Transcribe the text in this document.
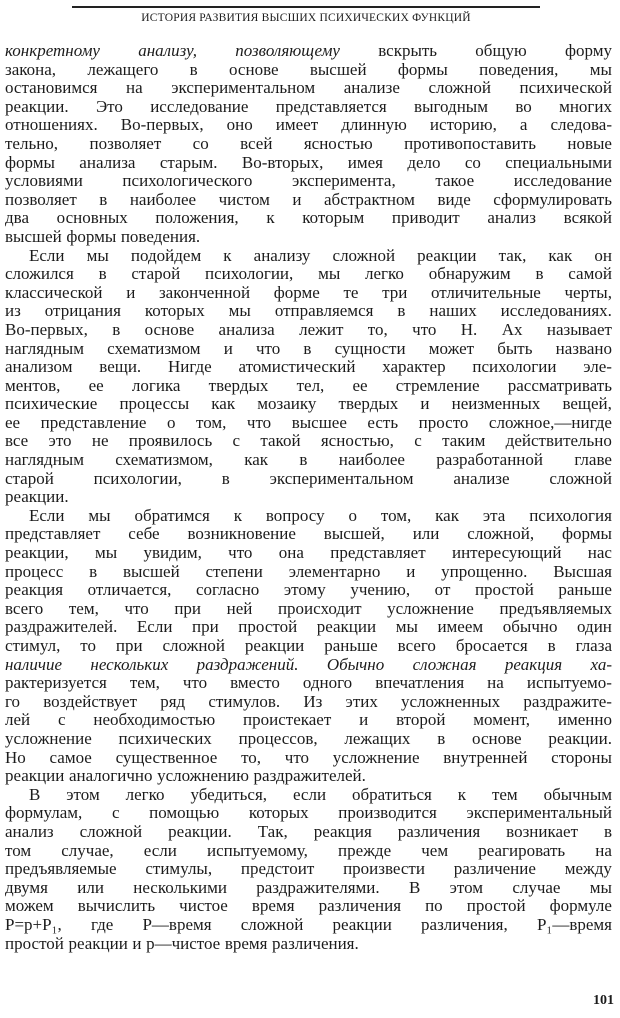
ИСТОРИЯ РАЗВИТИЯ ВЫСШИХ ПСИХИЧЕСКИХ ФУНКЦИЙ
конкретному анализу, позволяющему вскрыть общую форму
закона, лежащего в основе высшей формы поведения, мы
остановимся на экспериментальном анализе сложной психической
реакции. Это исследование представляется выгодным во многих
отношениях. Во-первых, оно имеет длинную историю, а следова-
тельно, позволяет со всей ясностью противопоставить новые
формы анализа старым. Во-вторых, имея дело со специальными
условиями психологического эксперимента, такое исследование
позволяет в наиболее чистом и абстрактном виде сформулировать
два основных положения, к которым приводит анализ всякой
высшей формы поведения.
Если мы подойдем к анализу сложной реакции так, как он
сложился в старой психологии, мы легко обнаружим в самой
классической и законченной форме те три отличительные черты,
из отрицания которых мы отправляемся в наших исследованиях.
Во-первых, в основе анализа лежит то, что Н. Ах называет
наглядным схематизмом и что в сущности может быть названо
анализом вещи. Нигде атомистический характер психологии эле-
ментов, ее логика твердых тел, ее стремление рассматривать
психические процессы как мозаику твердых и неизменных вещей,
ее представление о том, что высшее есть просто сложное,—нигде
все это не проявилось с такой ясностью, с таким действительно
наглядным схематизмом, как в наиболее разработанной главе
старой психологии, в экспериментальном анализе сложной
реакции.
Если мы обратимся к вопросу о том, как эта психология
представляет себе возникновение высшей, или сложной, формы
реакции, мы увидим, что она представляет интересующий нас
процесс в высшей степени элементарно и упрощенно. Высшая
реакция отличается, согласно этому учению, от простой раньше
всего тем, что при ней происходит усложнение предъявляемых
раздражителей. Если при простой реакции мы имеем обычно один
стимул, то при сложной реакции раньше всего бросается в глаза
наличие нескольких раздражений. Обычно сложная реакция ха-
рактеризуется тем, что вместо одного впечатления на испытуемо-
го воздействует ряд стимулов. Из этих усложненных раздражите-
лей с необходимостью проистекает и второй момент, именно
усложнение психических процессов, лежащих в основе реакции.
Но самое существенное то, что усложнение внутренней стороны
реакции аналогично усложнению раздражителей.
В этом легко убедиться, если обратиться к тем обычным
формулам, с помощью которых производится экспериментальный
анализ сложной реакции. Так, реакция различения возникает в
том случае, если испытуемому, прежде чем реагировать на
предъявляемые стимулы, предстоит произвести различение между
двумя или несколькими раздражителями. В этом случае мы
можем вычислить чистое время различения по простой формуле
Р=р+Р₁, где Р—время сложной реакции различения, Р₁—время
простой реакции и р—чистое время различения.
101
